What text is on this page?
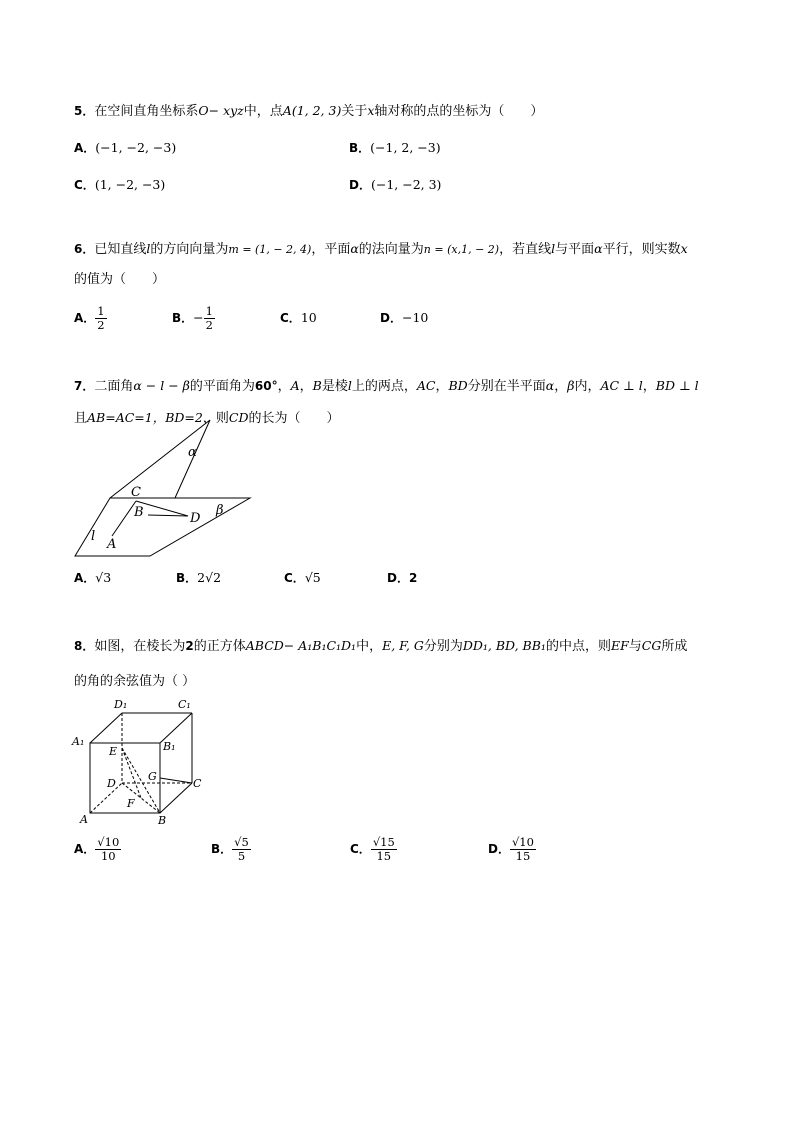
5．在空间直角坐标系O− xyz中，点A(1, 2, 3)关于x轴对称的点的坐标为（　　）
A．(−1, −2, −3)	B．(−1, 2, −3)
C．(1, −2, −3)	D．(−1, −2, 3)
6．已知直线l的方向向量为m = (1, − 2, 4)，平面α的法向量为n = (x,1, − 2)，若直线l与平面α平行，则实数x
的值为（　　）
A． $\frac{1}{2}$	B．− $\frac{1}{2}$	C．10	D．−10
7．二面角α − l − β的平面角为60°，A，B是棱l上的两点，AC，BD分别在半平面α，β内，AC ⊥ l，BD ⊥ l
且AB=AC=1，BD=2，则CD的长为（　　）
α
β
C
B	D
A
l
A．√3	B．2√2	C．√5	D．2
8．如图，在棱长为2的正方体ABCD− A₁B₁C₁D₁中，E, F, G分别为DD₁, BD, BB₁的中点，则EF与CG所成
的角的余弦值为（ ）
D₁	C₁
A₁	B₁
E
D
G
C
F
A	B
A． $\frac{√10}{10}$	B． $\frac{√5}{5}$	C． $\frac{√15}{15}$	D． $\frac{√10}{15}$
